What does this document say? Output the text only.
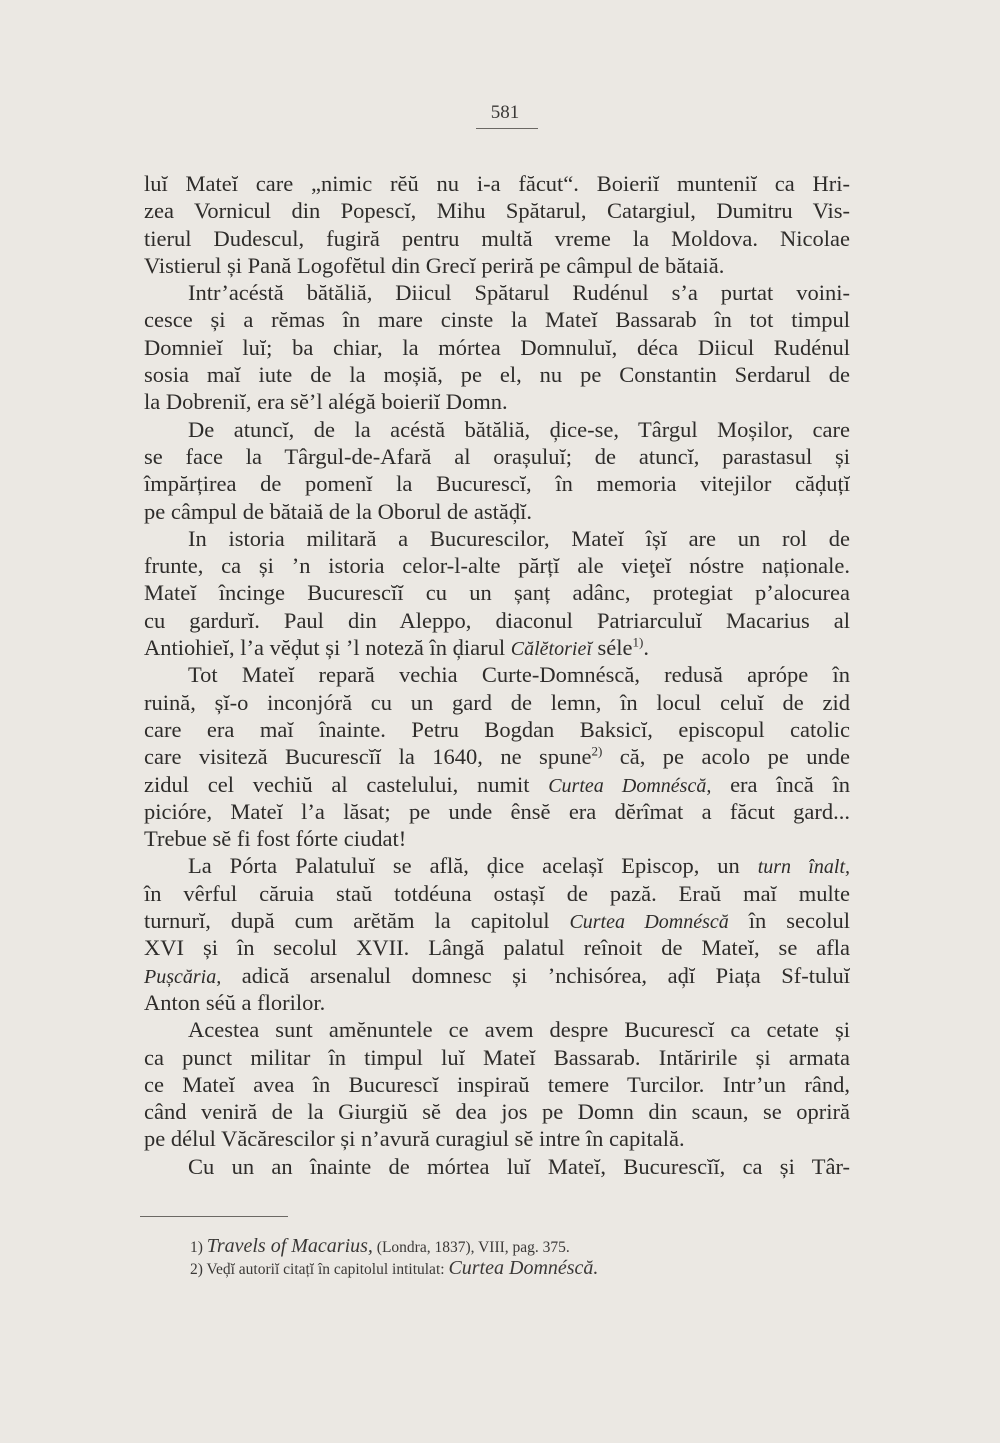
581
luĭ Mateĭ care „nimic rĕŭ nu i-a făcut“. Boieriĭ munteniĭ ca Hri-
zea Vornicul din Popescĭ, Mihu Spătarul, Catargiul, Dumitru Vis-
tierul Dudescul, fugiră pentru multă vreme la Moldova. Nicolae
Vistierul și Pană Logofĕtul din Grecĭ periră pe câmpul de bătaiă.
Intr’acéstă bătăliă, Diicul Spătarul Rudénul s’a purtat voini-
cesce și a rĕmas în mare cinste la Mateĭ Bassarab în tot timpul
Domnieĭ luĭ; ba chiar, la mórtea Domnuluĭ, déca Diicul Rudénul
sosia maĭ iute de la moșiă, pe el, nu pe Constantin Serdarul de
la Dobreniĭ, era sĕ’l alégă boieriĭ Domn.
De atuncĭ, de la acéstă bătăliă, ḑice-se, Târgul Moșilor, care
se face la Târgul-de-Afară al orașuluĭ; de atuncĭ, parastasul și
împărțirea de pomenĭ la Bucurescĭ, în memoria vitejilor căḑuțĭ
pe câmpul de bătaiă de la Oborul de astăḑĭ.
In istoria militară a Bucurescilor, Mateĭ îșĭ are un rol de
frunte, ca și ’n istoria celor-l-alte părțĭ ale vieţeĭ nóstre naționale.
Mateĭ încinge Bucurescĭĭ cu un șanț adânc, protegiat p’alocurea
cu gardurĭ. Paul din Aleppo, diaconul Patriarculuĭ Macarius al
Antiohieĭ, l’a vĕḑut și ’l noteză în ḑiarul Călĕtorieĭ séle$^{1)}$.
Tot Mateĭ repară vechia Curte-Domnéscă, redusă aprópe în
ruină, șĭ-o inconjóră cu un gard de lemn, în locul celuĭ de zid
care era maĭ înainte. Petru Bogdan Baksicĭ, episcopul catolic
care visiteză Bucurescĭĭ la 1640, ne spune$^{2)}$ că, pe acolo pe unde
zidul cel vechiŭ al castelului, numit Curtea Domnéscă, era încă în
picióre, Mateĭ l’a lăsat; pe unde ênsĕ era dĕrîmat a făcut gard...
Trebue sĕ fi fost fórte ciudat!
La Pórta Palatuluĭ se află, ḑice acelașĭ Episcop, un turn înalt,
în vêrful căruia staŭ totdéuna ostașĭ de pază. Eraŭ maĭ multe
turnurĭ, după cum arĕtăm la capitolul Curtea Domnéscă în secolul
XVI și în secolul XVII. Lângă palatul reînoit de Mateĭ, se afla
Pușcăria, adică arsenalul domnesc și ’nchisórea, aḑĭ Piața Sf-tuluĭ
Anton séŭ a florilor.
Acestea sunt amĕnuntele ce avem despre Bucurescĭ ca cetate și
ca punct militar în timpul luĭ Mateĭ Bassarab. Intăririle și armata
ce Mateĭ avea în Bucurescĭ inspiraŭ temere Turcilor. Intr’un rând,
când veniră de la Giurgiŭ sĕ dea jos pe Domn din scaun, se opriră
pe délul Văcărescilor și n’avură curagiul sĕ intre în capitală.
Cu un an înainte de mórtea luĭ Mateĭ, Bucurescĭĭ, ca și Târ-
1) Travels of Macarius, (Londra, 1837), VIII, pag. 375.
2) Veḑĭ autoriĭ citațĭ în capitolul intitulat: Curtea Domnéscă.
